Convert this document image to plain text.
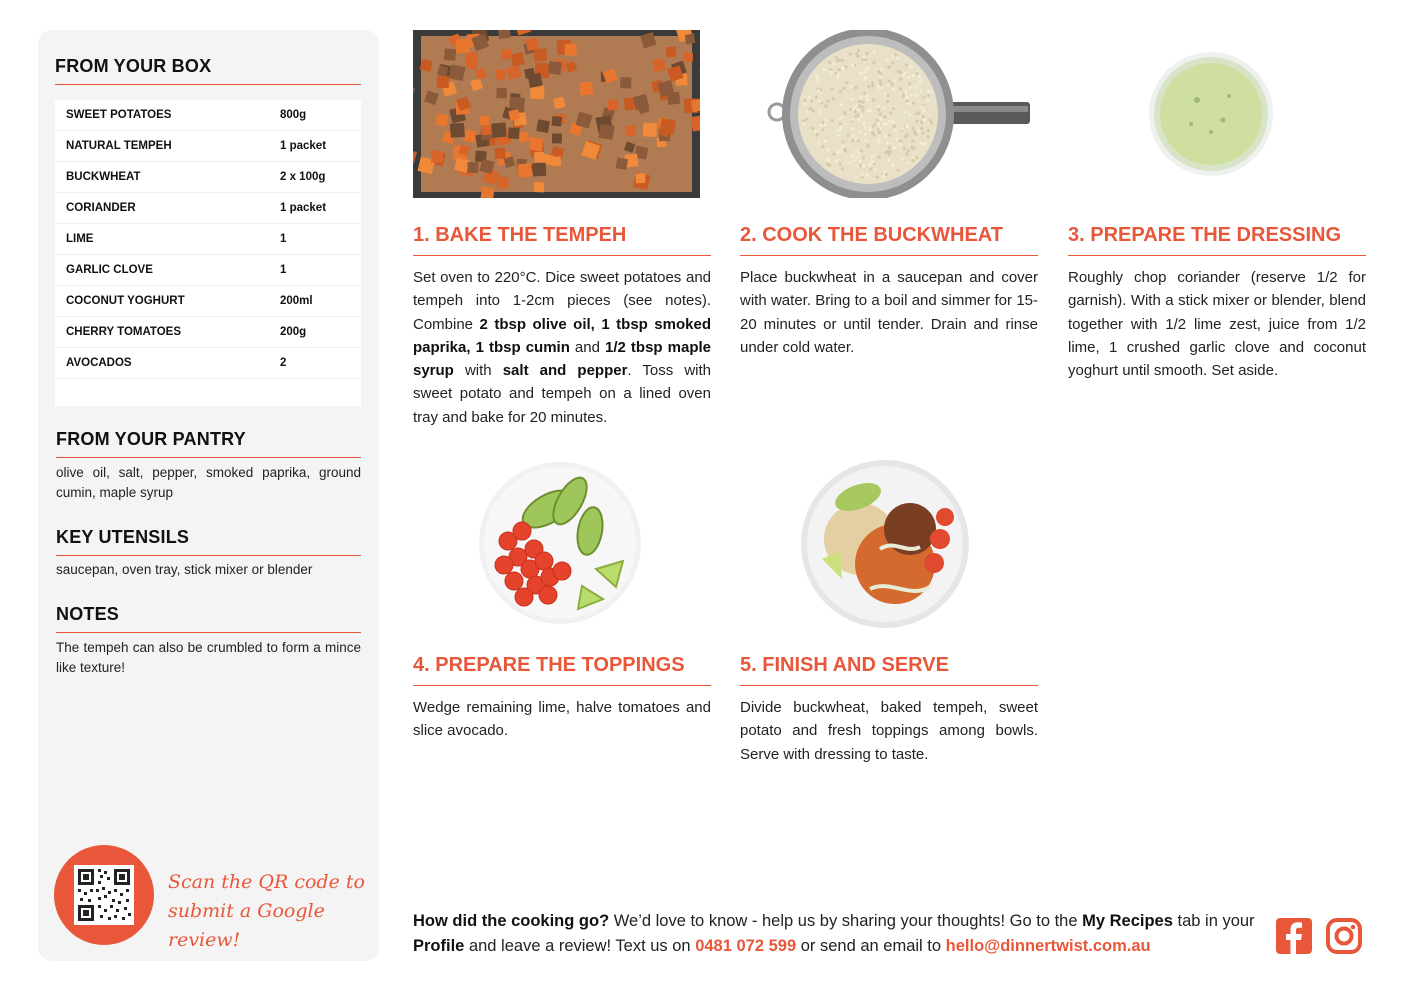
FROM YOUR BOX
SWEET POTATOES	800g
NATURAL TEMPEH	1 packet
BUCKWHEAT	2 x 100g
CORIANDER	1 packet
LIME	1
GARLIC CLOVE	1
COCONUT YOGHURT	200ml
CHERRY TOMATOES	200g
AVOCADOS	2
FROM YOUR PANTRY
olive oil, salt, pepper, smoked paprika, ground cumin, maple syrup
KEY UTENSILS
saucepan, oven tray, stick mixer or blender
NOTES
The tempeh can also be crumbled to form a mince like texture!
Scan the QR code to
submit a Google review!
1. BAKE THE TEMPEH
Set oven to 220°C. Dice sweet potatoes and tempeh into 1-2cm pieces (see notes). Combine 2 tbsp olive oil, 1 tbsp smoked paprika, 1 tbsp cumin and 1/2 tbsp maple syrup with salt and pepper. Toss with sweet potato and tempeh on a lined oven tray and bake for 20 minutes.
2. COOK THE BUCKWHEAT
Place buckwheat in a saucepan and cover with water. Bring to a boil and simmer for 15-20 minutes or until tender. Drain and rinse under cold water.
3. PREPARE THE DRESSING
Roughly chop coriander (reserve 1/2 for garnish). With a stick mixer or blender, blend together with 1/2 lime zest, juice from 1/2 lime, 1 crushed garlic clove and coconut yoghurt until smooth. Set aside.
4. PREPARE THE TOPPINGS
Wedge remaining lime, halve tomatoes and slice avocado.
5. FINISH AND SERVE
Divide buckwheat, baked tempeh, sweet potato and fresh toppings among bowls. Serve with dressing to taste.
How did the cooking go? We’d love to know - help us by sharing your thoughts! Go to the My Recipes tab in your Profile and leave a review! Text us on 0481 072 599 or send an email to hello@dinnertwist.com.au
